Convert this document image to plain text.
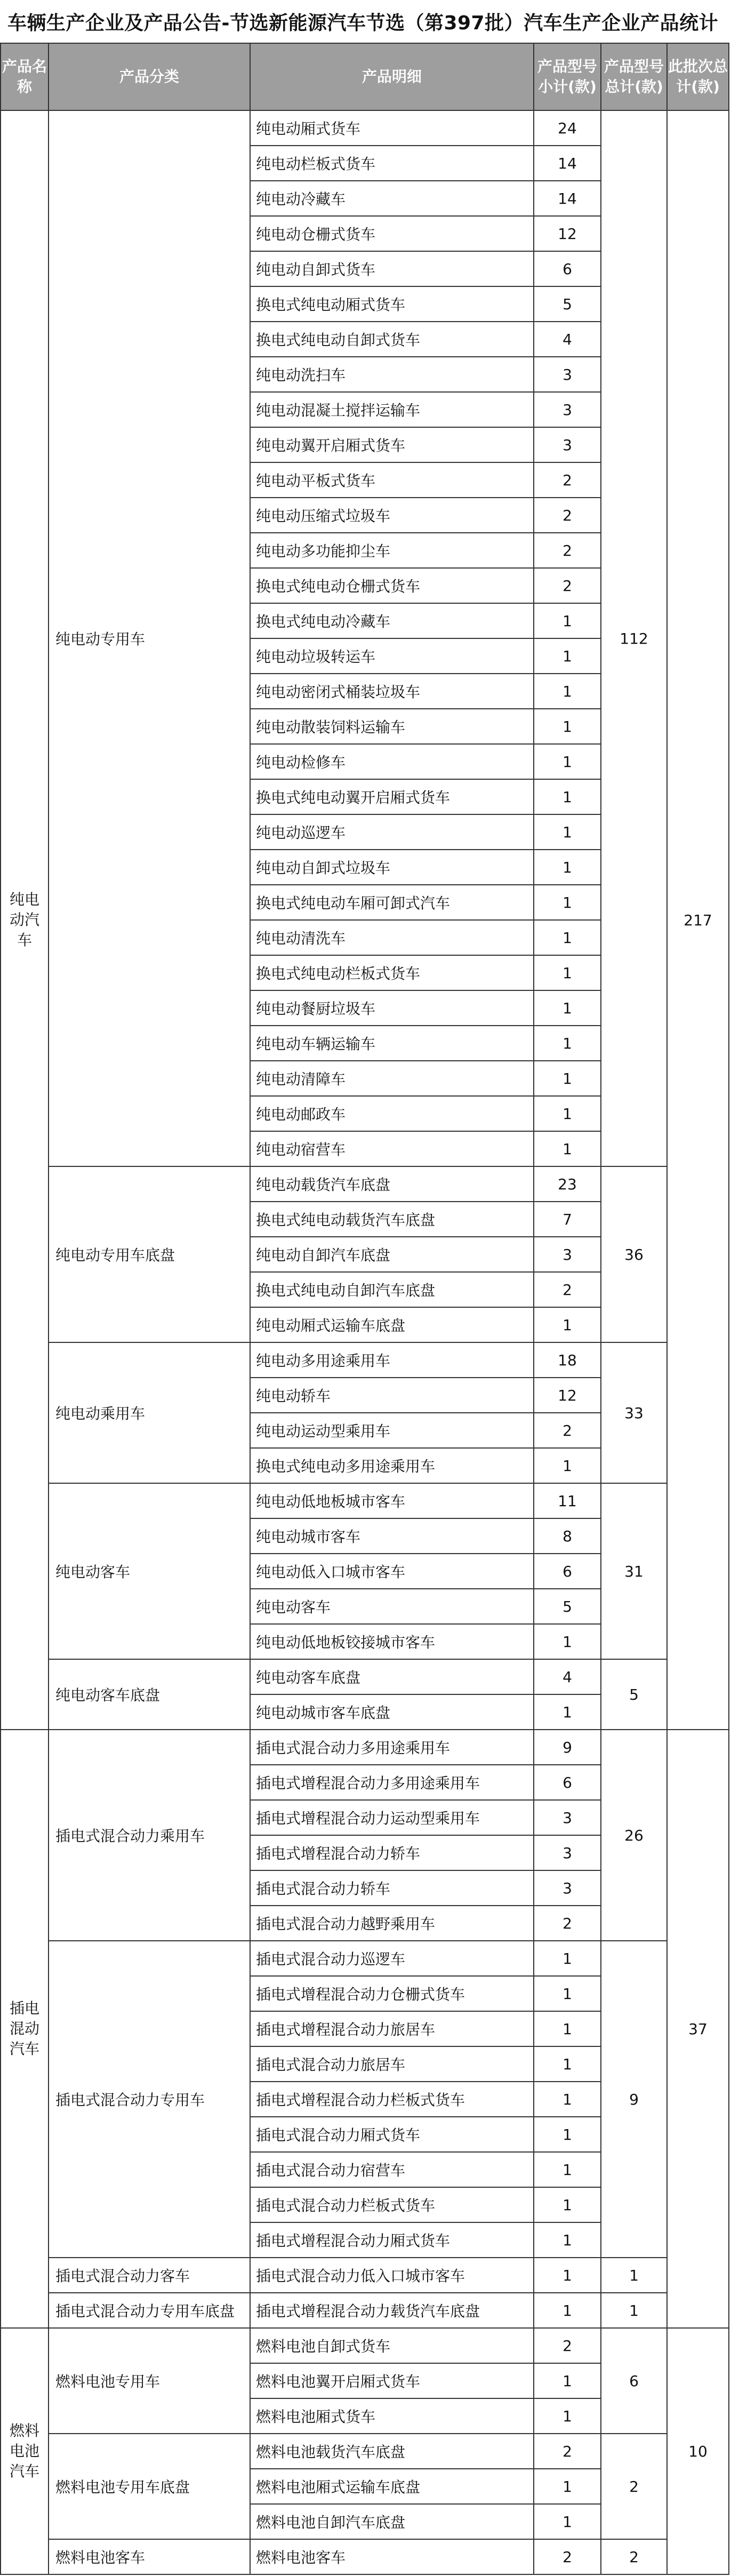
车辆生产企业及产品公告-节选新能源汽车节选（第397批）汽车生产企业产品统计
产品名称	产品分类	产品明细	产品型号小计(款)	产品型号总计(款)	此批次总计(款)
纯电动汽车	纯电动专用车	纯电动厢式货车	24	112	217
		纯电动栏板式货车	14		
		纯电动冷藏车	14		
		纯电动仓栅式货车	12		
		纯电动自卸式货车	6		
		换电式纯电动厢式货车	5		
		换电式纯电动自卸式货车	4		
		纯电动洗扫车	3		
		纯电动混凝土搅拌运输车	3		
		纯电动翼开启厢式货车	3		
		纯电动平板式货车	2		
		纯电动压缩式垃圾车	2		
		纯电动多功能抑尘车	2		
		换电式纯电动仓栅式货车	2		
		换电式纯电动冷藏车	1		
		纯电动垃圾转运车	1		
		纯电动密闭式桶装垃圾车	1		
		纯电动散装饲料运输车	1		
		纯电动检修车	1		
		换电式纯电动翼开启厢式货车	1		
		纯电动巡逻车	1		
		纯电动自卸式垃圾车	1		
		换电式纯电动车厢可卸式汽车	1		
		纯电动清洗车	1		
		换电式纯电动栏板式货车	1		
		纯电动餐厨垃圾车	1		
		纯电动车辆运输车	1		
		纯电动清障车	1		
		纯电动邮政车	1		
		纯电动宿营车	1		
	纯电动专用车底盘	纯电动载货汽车底盘	23	36	
		换电式纯电动载货汽车底盘	7		
		纯电动自卸汽车底盘	3		
		换电式纯电动自卸汽车底盘	2		
		纯电动厢式运输车底盘	1		
	纯电动乘用车	纯电动多用途乘用车	18	33	
		纯电动轿车	12		
		纯电动运动型乘用车	2		
		换电式纯电动多用途乘用车	1		
	纯电动客车	纯电动低地板城市客车	11	31	
		纯电动城市客车	8		
		纯电动低入口城市客车	6		
		纯电动客车	5		
		纯电动低地板铰接城市客车	1		
	纯电动客车底盘	纯电动客车底盘	4	5	
		纯电动城市客车底盘	1		
插电混动汽车	插电式混合动力乘用车	插电式混合动力多用途乘用车	9	26	37
		插电式增程混合动力多用途乘用车	6		
		插电式增程混合动力运动型乘用车	3		
		插电式增程混合动力轿车	3		
		插电式混合动力轿车	3		
		插电式混合动力越野乘用车	2		
	插电式混合动力专用车	插电式混合动力巡逻车	1	9	
		插电式增程混合动力仓栅式货车	1		
		插电式增程混合动力旅居车	1		
		插电式混合动力旅居车	1		
		插电式增程混合动力栏板式货车	1		
		插电式混合动力厢式货车	1		
		插电式混合动力宿营车	1		
		插电式混合动力栏板式货车	1		
		插电式增程混合动力厢式货车	1		
	插电式混合动力客车	插电式混合动力低入口城市客车	1	1	
	插电式混合动力专用车底盘	插电式增程混合动力载货汽车底盘	1	1	
燃料电池汽车	燃料电池专用车	燃料电池自卸式货车	2	6	10
		燃料电池翼开启厢式货车	1		
		燃料电池厢式货车	1		
	燃料电池专用车底盘	燃料电池载货汽车底盘	2	2	
		燃料电池厢式运输车底盘	1		
		燃料电池自卸汽车底盘	1		
	燃料电池客车	燃料电池客车	2	2	
